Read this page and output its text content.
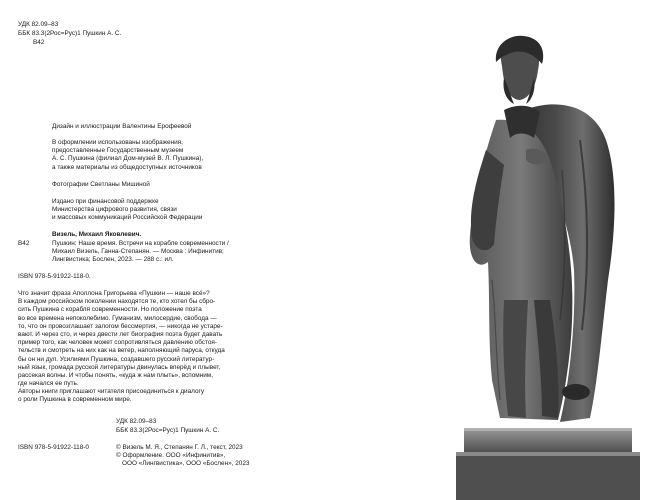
УДК 82.09–83

ББК 83.3(2Рос=Рус)1 Пушкин А. С.

В42

Дизайн и иллюстрации Валентины Ерофеевой

В оформлении использованы изображения,
предоставленные Государственным музеем
А. С. Пушкина (филиал Дом-музей В. Л. Пушкина),
а также материалы из общедоступных источников

Фотографии Светланы Мишиной

Издано при финансовой поддержке
Министерства цифрового развития, связи
и массовых коммуникаций Российской Федерации

В42

Визель, Михаил Яковлевич.

Пушкин: Наше время. Встречи на корабле современности /
Михаил Визель, Ганна-Степанян. — Москва : Инфинитив;
Лингвистика; Бослен, 2023. — 288 с.: ил.

ISBN 978-5-91922-118-0.

Что значит фраза Аполлона Григорьева «Пушкин — наше всё»?
В каждом российском поколении находятся те, кто хотел бы сбро-
сить Пушкина с корабля современности. Но положение поэта
во все времена непоколебимо. Гуманизм, милосердие, свобода —
то, что он провозглашает залогом бессмертия, — никогда не устаре-
вают. И через сто, и через двести лет биография поэта будет давать
пример того, как человек может сопротивляться давлению обстоя-
тельств и смотреть на них как на ветер, наполняющий паруса, откуда
бы он ни дул. Усилиями Пушкина, создавшего русский литератур-
ный язык, громада русской литературы двинулась вперёд и плывет,
рассекая волны. И чтобы понять, «куда ж нам плыть», вспомним,
где начался ее путь.
Авторы книги приглашают читателя присоединиться к диалогу
о роли Пушкина в современном мире.

УДК 82.09–83

ББК 83.3(2Рос=Рус)1 Пушкин А. С.

ISBN 978-5-91922-118-0	© Визель М. Я., Степанян Г. Л., текст, 2023
© Оформление. ООО «Инфинитив»,
ООО «Лингвистика», ООО «Бослен», 2023
